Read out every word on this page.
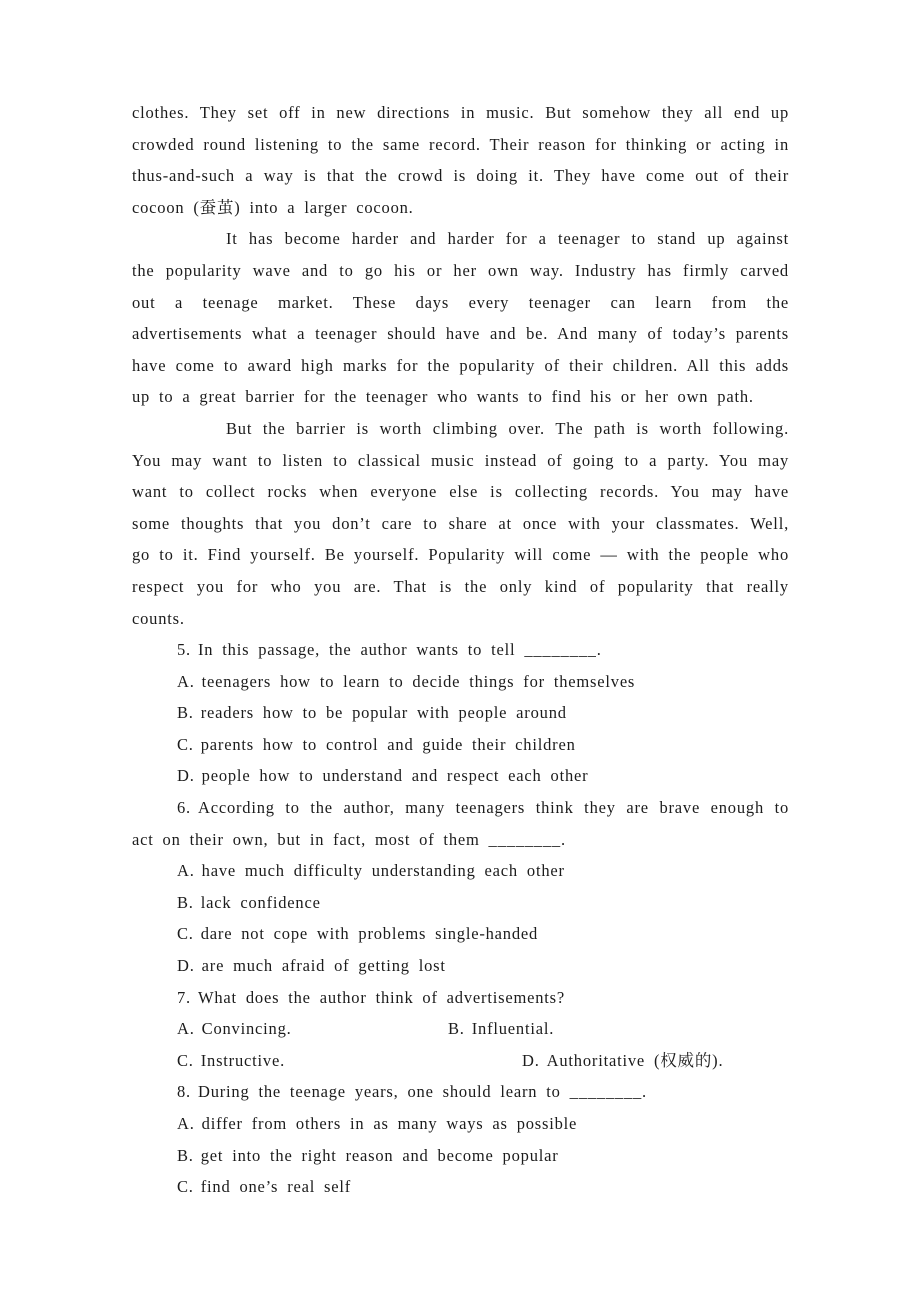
clothes. They set off in new directions in music. But somehow they all end up crowded round listening to the same record. Their reason for thinking or acting in thus-and-such a way is that the crowd is doing it. They have come out of their cocoon (蚕茧) into a larger cocoon.

It has become harder and harder for a teenager to stand up against the popularity wave and to go his or her own way. Industry has firmly carved out a teenage market. These days every teenager can learn from the advertisements what a teenager should have and be. And many of today’s parents have come to award high marks for the popularity of their children. All this adds up to a great barrier for the teenager who wants to find his or her own path.

But the barrier is worth climbing over. The path is worth following. You may want to listen to classical music instead of going to a party. You may want to collect rocks when everyone else is collecting records. You may have some thoughts that you don’t care to share at once with your classmates. Well, go to it. Find yourself. Be yourself. Popularity will come — with the people who respect you for who you are. That is the only kind of popularity that really counts.

5. In this passage, the author wants to tell ________.

A. teenagers how to learn to decide things for themselves

B. readers how to be popular with people around

C. parents how to control and guide their children

D. people how to understand and respect each other

6. According to the author, many teenagers think they are brave enough to act on their own, but in fact, most of them ________.

A. have much difficulty understanding each other

B. lack confidence

C. dare not cope with problems single-handed

D. are much afraid of getting lost

7. What does the author think of advertisements?

A. Convincing.	B. Influential.

C. Instructive.	D. Authoritative (权威的).

8. During the teenage years, one should learn to ________.

A. differ from others in as many ways as possible

B. get into the right reason and become popular

C. find one’s real self
